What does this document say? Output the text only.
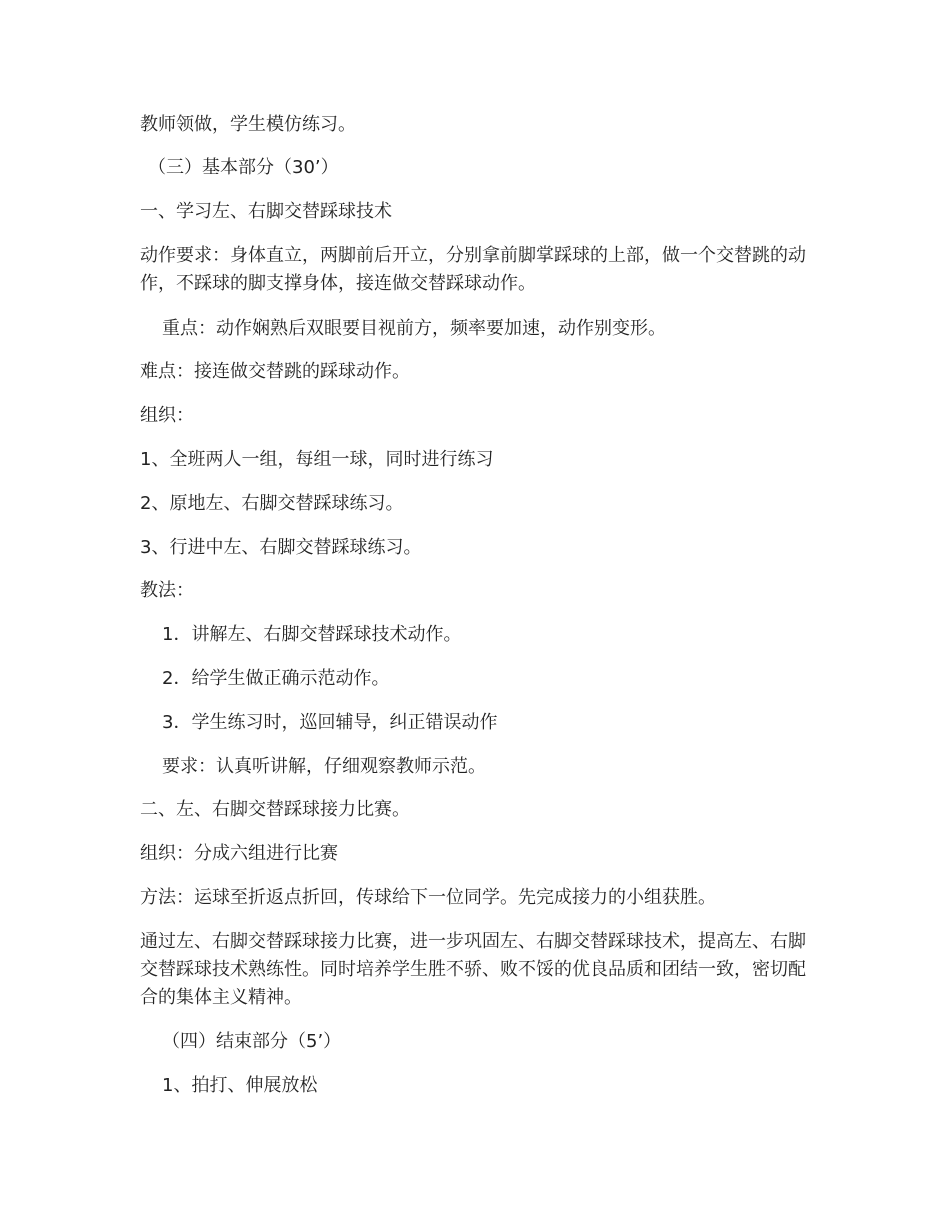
教师领做，学生模仿练习。

（三）基本部分（30’）

一、学习左、右脚交替踩球技术

动作要求：身体直立，两脚前后开立，分别拿前脚掌踩球的上部，做一个交替跳的动作，不踩球的脚支撑身体，接连做交替踩球动作。

重点：动作娴熟后双眼要目视前方，频率要加速，动作别变形。

难点：接连做交替跳的踩球动作。

组织：

1、全班两人一组，每组一球，同时进行练习

2、原地左、右脚交替踩球练习。

3、行进中左、右脚交替踩球练习。

教法：

1．讲解左、右脚交替踩球技术动作。

2．给学生做正确示范动作。

3．学生练习时，巡回辅导，纠正错误动作

要求：认真听讲解，仔细观察教师示范。

二、左、右脚交替踩球接力比赛。

组织：分成六组进行比赛

方法：运球至折返点折回，传球给下一位同学。先完成接力的小组获胜。

通过左、右脚交替踩球接力比赛，进一步巩固左、右脚交替踩球技术，提高左、右脚交替踩球技术熟练性。同时培养学生胜不骄、败不馁的优良品质和团结一致，密切配合的集体主义精神。

（四）结束部分（5’）

1、拍打、伸展放松
